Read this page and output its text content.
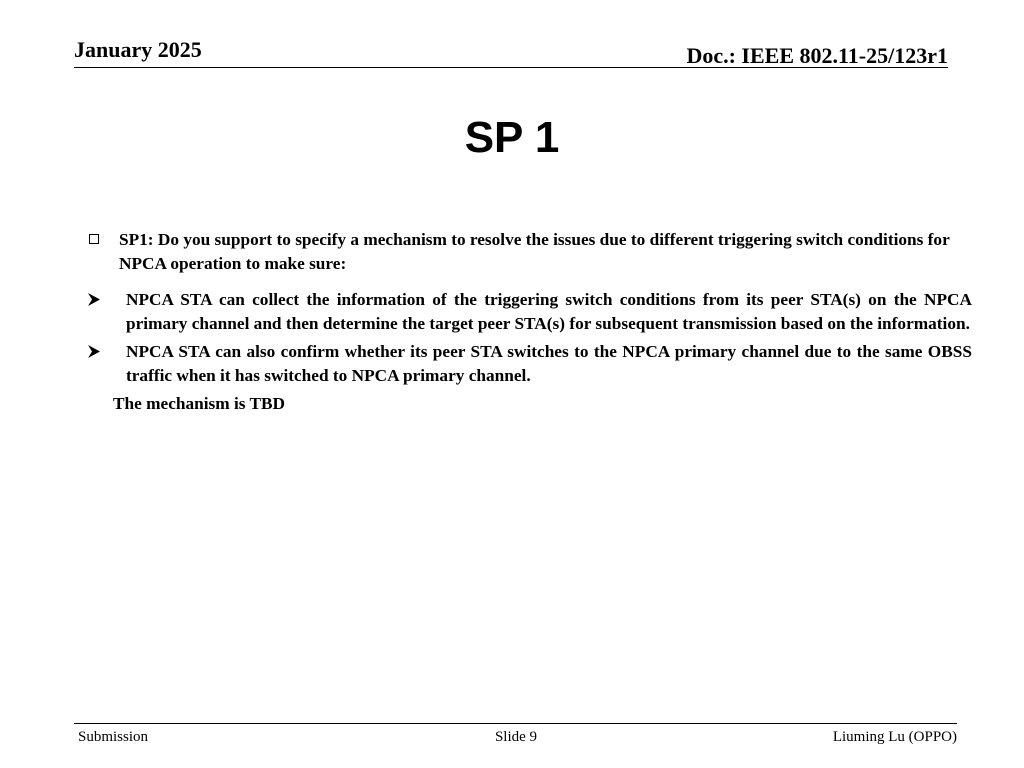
January 2025	Doc.: IEEE 802.11-25/123r1
SP 1
SP1: Do you support to specify a mechanism to resolve the issues due to different triggering switch conditions for NPCA operation to make sure:
NPCA STA can collect the information of the triggering switch conditions from its peer STA(s) on the NPCA primary channel and then determine the target peer STA(s) for subsequent transmission based on the information.
NPCA STA can also confirm whether its peer STA switches to the NPCA primary channel due to the same OBSS traffic when it has switched to NPCA primary channel.
The mechanism is TBD
Submission	Slide 9	Liuming Lu (OPPO)
